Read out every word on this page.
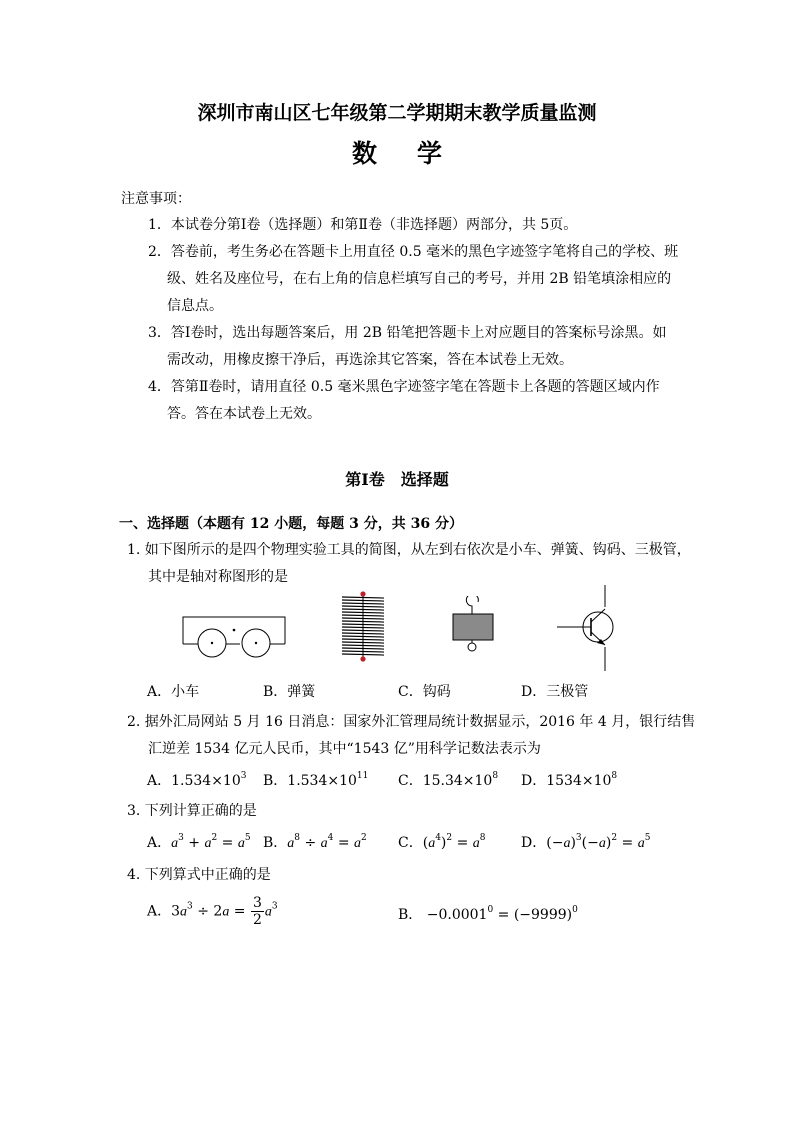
深圳市南山区七年级第二学期期末教学质量监测
数学
注意事项：
1．本试卷分第Ⅰ卷（选择题）和第Ⅱ卷（非选择题）两部分，共 5页。
2．答卷前，考生务必在答题卡上用直径 0.5 毫米的黑色字迹签字笔将自己的学校、班
级、姓名及座位号，在右上角的信息栏填写自己的考号，并用 2B 铅笔填涂相应的
信息点。
3．答Ⅰ卷时，选出每题答案后，用 2B 铅笔把答题卡上对应题目的答案标号涂黑。如
需改动，用橡皮擦干净后，再选涂其它答案，答在本试卷上无效。
4．答第Ⅱ卷时，请用直径 0.5 毫米黑色字迹签字笔在答题卡上各题的答题区域内作
答。答在本试卷上无效。
第Ⅰ卷　选择题
一、选择题（本题有 12 小题，每题 3 分，共 36 分）
1. 如下图所示的是四个物理实验工具的简图，从左到右依次是小车、弹簧、钩码、三极管，
其中是轴对称图形的是
A．小车	B．弹簧	C．钩码	D．三极管
2. 据外汇局网站 5 月 16 日消息：国家外汇管理局统计数据显示，2016 年 4 月，银行结售
汇逆差 1534 亿元人民币，其中“1543 亿”用科学记数法表示为
A．$1.534\times 10^3$ B．$1.534\times 10^{11}$ C．$15.34\times 10^8$ D．$1534\times 10^8$
3. 下列计算正确的是
A．$a^3 + a^2 = a^5$ B．$a^8 \div a^4 = a^2$ C．$(a^4)^2 = a^8$	D．$(-a)^3(-a)^2 = a^5$
4. 下列算式中正确的是
A．$3a^3 \div 2a = \frac{3}{2} a^3$
B． $-0.0001^0 = (-9999)^0$
